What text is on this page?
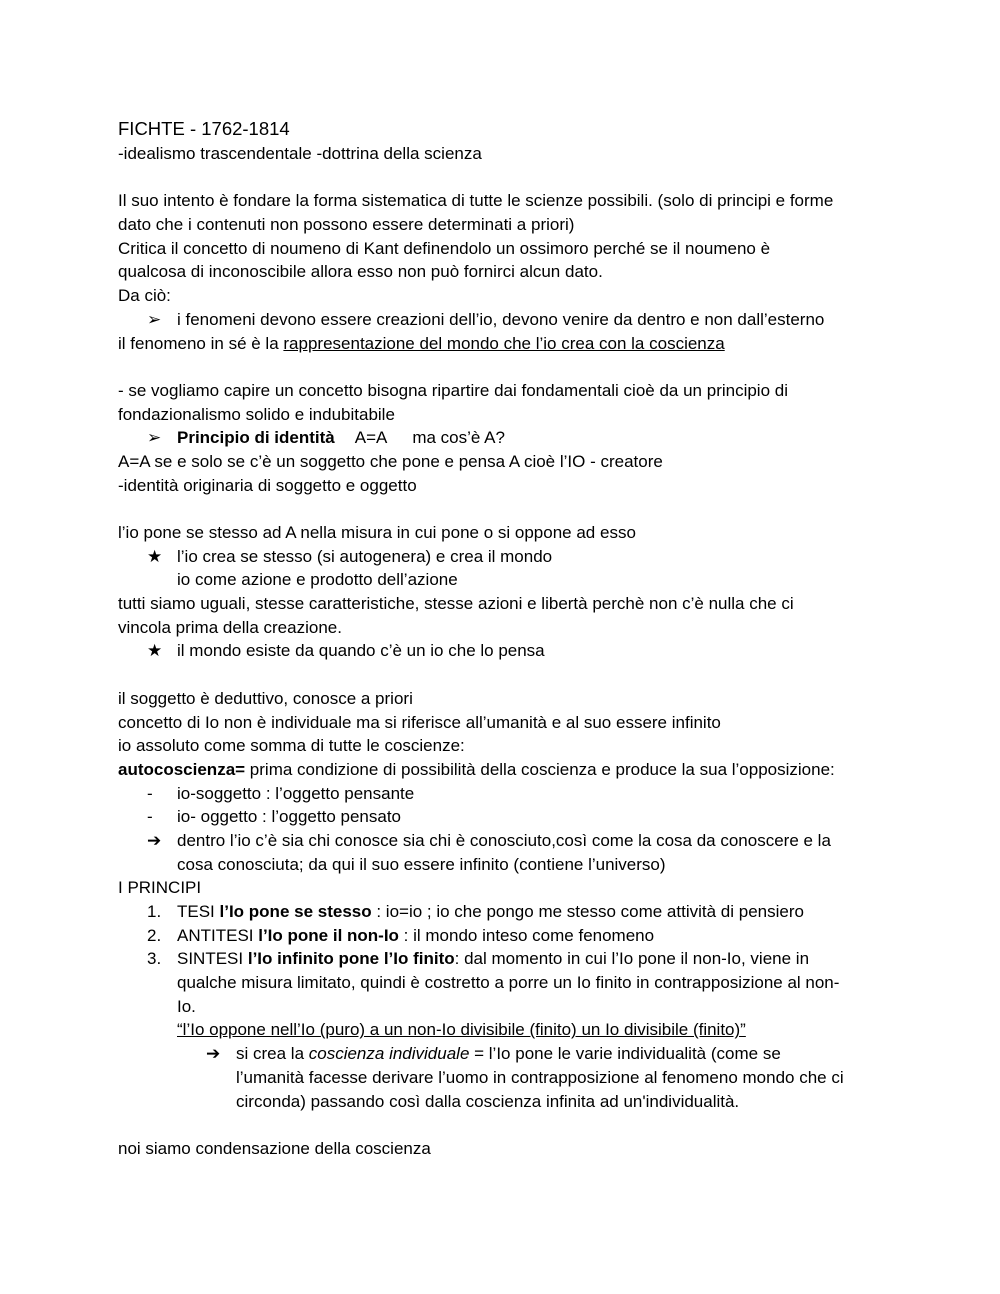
FICHTE - 1762-1814
-idealismo trascendentale -dottrina della scienza
Il suo intento è fondare la forma sistematica di tutte le scienze possibili. (solo di principi e forme
dato che i contenuti non possono essere determinati a priori)
Critica il concetto di noumeno di Kant definendolo un ossimoro perché se il noumeno è
qualcosa di inconoscibile allora esso non può fornirci alcun dato.
Da ciò:
➢ i fenomeni devono essere creazioni dell’io, devono venire da dentro e non dall’esterno
il fenomeno in sé è la rappresentazione del mondo che l’io crea con la coscienza
- se vogliamo capire un concetto bisogna ripartire dai fondamentali cioè da un principio di
fondazionalismo solido e indubitabile
➢ Principio di identità A=A ma cos’è A?
A=A se e solo se c’è un soggetto che pone e pensa A cioè l’IO - creatore
-identità originaria di soggetto e oggetto
l’io pone se stesso ad A nella misura in cui pone o si oppone ad esso
★ l’io crea se stesso (si autogenera) e crea il mondo
io come azione e prodotto dell’azione
tutti siamo uguali, stesse caratteristiche, stesse azioni e libertà perchè non c’è nulla che ci
vincola prima della creazione.
★ il mondo esiste da quando c’è un io che lo pensa
il soggetto è deduttivo, conosce a priori
concetto di Io non è individuale ma si riferisce all’umanità e al suo essere infinito
io assoluto come somma di tutte le coscienze:
autocoscienza= prima condizione di possibilità della coscienza e produce la sua l’opposizione:
- io-soggetto : l’oggetto pensante
- io- oggetto : l’oggetto pensato
➔ dentro l’io c’è sia chi conosce sia chi è conosciuto,così come la cosa da conoscere e la
cosa conosciuta; da qui il suo essere infinito (contiene l’universo)
I PRINCIPI
1. TESI l’Io pone se stesso : io=io ; io che pongo me stesso come attività di pensiero
2. ANTITESI l’Io pone il non-Io : il mondo inteso come fenomeno
3. SINTESI l’Io infinito pone l’Io finito: dal momento in cui l’Io pone il non-Io, viene in
qualche misura limitato, quindi è costretto a porre un Io finito in contrapposizione al non-
Io.
“l’Io oppone nell’Io (puro) a un non-Io divisibile (finito) un Io divisibile (finito)”
➔ si crea la coscienza individuale = l’Io pone le varie individualità (come se
l’umanità facesse derivare l’uomo in contrapposizione al fenomeno mondo che ci
circonda) passando così dalla coscienza infinita ad un'individualità.
noi siamo condensazione della coscienza
